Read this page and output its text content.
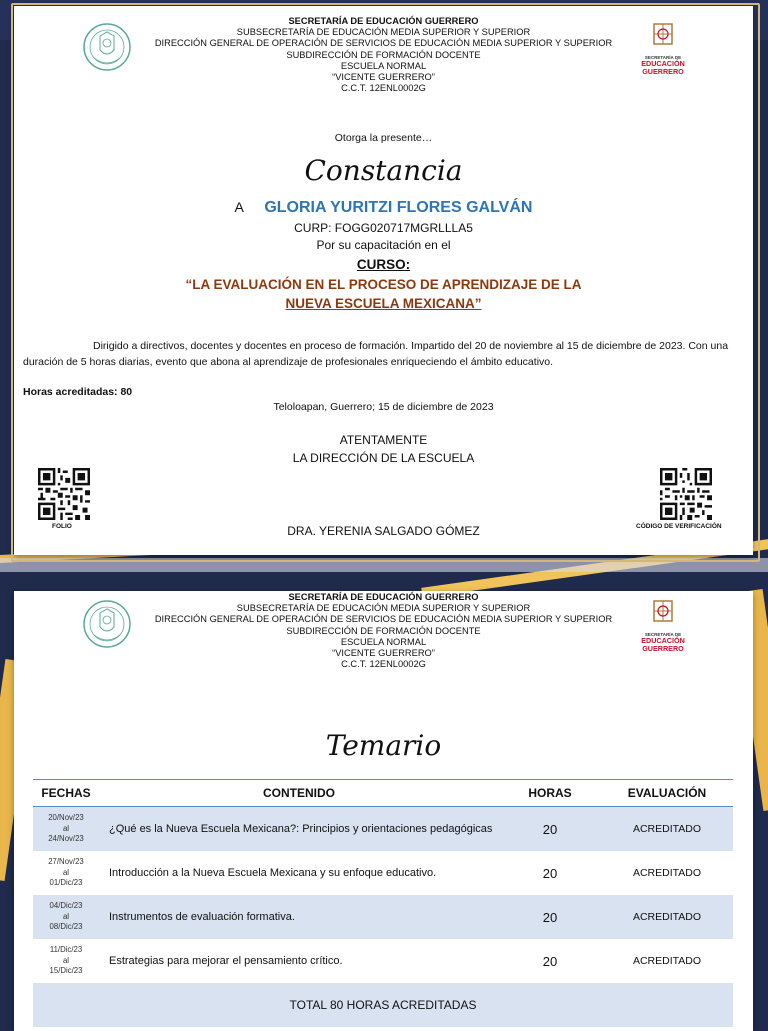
SECRETARÍA DE
EDUCACIÓN
GUERRERO
SECRETARÍA DE EDUCACIÓN GUERRERO
SUBSECRETARÍA DE EDUCACIÓN MEDIA SUPERIOR Y SUPERIOR
DIRECCIÓN GENERAL DE OPERACIÓN DE SERVICIOS DE EDUCACIÓN MEDIA SUPERIOR Y SUPERIOR
SUBDIRECCIÓN DE FORMACIÓN DOCENTE
ESCUELA NORMAL
“VICENTE GUERRERO”
C.C.T. 12ENL0002G
Otorga la presente…
Constancia
A GLORIA YURITZI FLORES GALVÁN
CURP: FOGG020717MGRLLLA5
Por su capacitación en el
CURSO:
“LA EVALUACIÓN EN EL PROCESO DE APRENDIZAJE DE LA
NUEVA ESCUELA MEXICANA”
Dirigido a directivos, docentes y docentes en proceso de formación. Impartido del 20 de noviembre al 15 de diciembre de 2023. Con una duración de 5 horas diarias, evento que abona al aprendizaje de profesionales enriqueciendo el ámbito educativo.
Horas acreditadas: 80
Teloloapan, Guerrero; 15 de diciembre de 2023
ATENTAMENTE
LA DIRECCIÓN DE LA ESCUELA
FOLIO	CÓDIGO DE VERIFICACIÓN
DRA. YERENIA SALGADO GÓMEZ
SECRETARÍA DE
EDUCACIÓN
GUERRERO
SECRETARÍA DE EDUCACIÓN GUERRERO
SUBSECRETARÍA DE EDUCACIÓN MEDIA SUPERIOR Y SUPERIOR
DIRECCIÓN GENERAL DE OPERACIÓN DE SERVICIOS DE EDUCACIÓN MEDIA SUPERIOR Y SUPERIOR
SUBDIRECCIÓN DE FORMACIÓN DOCENTE
ESCUELA NORMAL
“VICENTE GUERRERO”
C.C.T. 12ENL0002G
Temario
FECHAS	CONTENIDO	HORAS	EVALUACIÓN

20/Nov/23
al
24/Nov/23	¿Qué es la Nueva Escuela Mexicana?: Principios y orientaciones pedagógicas	20	ACREDITADO

27/Nov/23
al
01/Dic/23	Introducción a la Nueva Escuela Mexicana y su enfoque educativo.	20	ACREDITADO

04/Dic/23
al
08/Dic/23	Instrumentos de evaluación formativa.	20	ACREDITADO

11/Dic/23
al
15/Dic/23	Estrategias para mejorar el pensamiento crítico.	20	ACREDITADO
TOTAL 80 HORAS ACREDITADAS			
